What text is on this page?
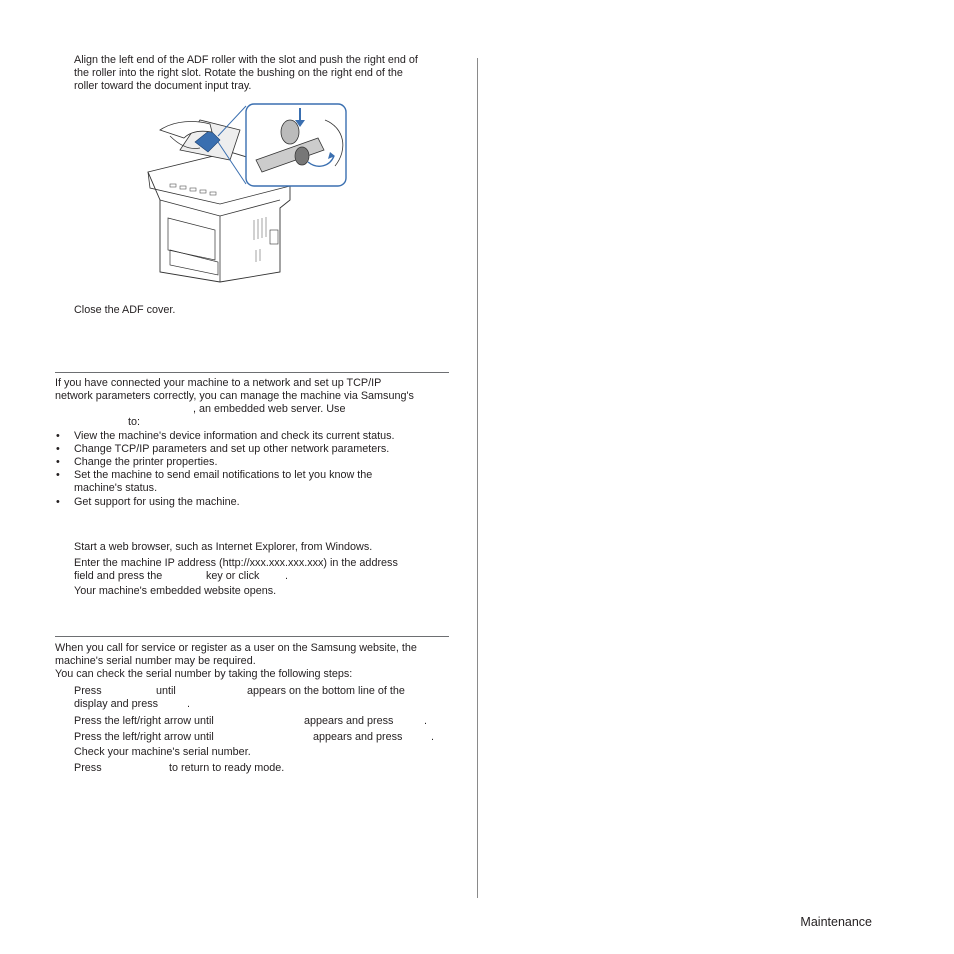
Align the left end of the ADF roller with the slot and push the right end of
the roller into the right slot. Rotate the bushing on the right end of the
roller toward the document input tray.
Close the ADF cover.
If you have connected your machine to a network and set up TCP/IP
network parameters correctly, you can manage the machine via Samsung's
, an embedded web server. Use
to:
• View the machine's device information and check its current status.
• Change TCP/IP parameters and set up other network parameters.
• Change the printer properties.
• Set the machine to send email notifications to let you know the
machine's status.
• Get support for using the machine.
Start a web browser, such as Internet Explorer, from Windows.
Enter the machine IP address (http://xxx.xxx.xxx.xxx) in the address
field and press the	key or click .
Your machine's embedded website opens.
When you call for service or register as a user on the Samsung website, the
machine's serial number may be required.
You can check the serial number by taking the following steps:
Press	until	appears on the bottom line of the
display and press	.
Press the left/right arrow until	appears and press	.
Press the left/right arrow until	appears and press	.
Check your machine's serial number.
Press	to return to ready mode.
Maintenance
